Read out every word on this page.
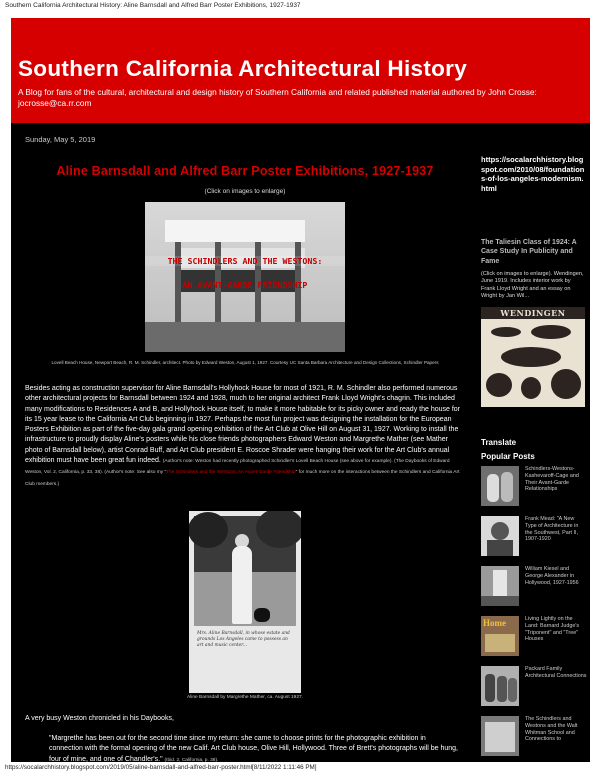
Southern California Architectural History: Aline Barnsdall and Alfred Barr Poster Exhibitions, 1927-1937
Southern California Architectural History
A Blog for fans of the cultural, architectural and design history of Southern California and related published material authored by John Crosse: jocrosse@ca.rr.com
Sunday, May 5, 2019
Aline Barnsdall and Alfred Barr Poster Exhibitions, 1927-1937
(Click on images to enlarge)
THE SCHINDLERS AND THE WESTONS:
AN AVANT-GARDE FRIENDSHIP
Lovell Beach House, Newport Beach, R. M. Schindler, architect. Photo by Edward Weston, August 1, 1927. Courtesy UC Santa Barbara Architecture and Design Collections, Schindler Papers
Besides acting as construction supervisor for Aline Barnsdall's Hollyhock House for most of 1921, R. M. Schindler also performed numerous other architectural projects for Barnsdall between 1924 and 1928, much to her original architect Frank Lloyd Wright's chagrin. This included many modifications to Residences A and B, and Hollyhock House itself, to make it more habitable for its picky owner and ready the house for its 15 year lease to the California Art Club beginning in 1927. Perhaps the most fun project was designing the installation for the European Posters Exhibition as part of the five-day gala grand opening exhibition of the Art Club at Olive Hill on August 31, 1927. Working to install the infrastructure to proudly display Aline's posters while his close friends photographers Edward Weston and Margrethe Mather (see Mather photo of Barnsdall below), artist Conrad Buff, and Art Club president E. Roscoe Shrader were hanging their work for the Art Club's annual exhibition must have been great fun indeed. (Author's note: Weston had recently photographed Schindler's Lovell Beach House (see above for example). (The Daybooks of Edward Weston, Vol. 2, California, p. 33, 38). (Author's note: See also my "The Schindlers and the Westons: An Avant-Garde Friendship" for much more on the interactions between the Schindlers and California Art Club members.)
Mrs. Aline Barnsdall, in whose estate and grounds Los Angeles came to possess an art and music center...
Aline Barnsdall by Margrethe Mather, ca. August 1927.
A very busy Weston chronicled in his Daybooks,
"Margrethe has been out for the second time since my return: she came to choose prints for the photographic exhibition in connection with the formal opening of the new Calif. Art Club house, Olive Hill, Hollywood. Three of Brett's photographs will be hung, four of mine, and one of Chandler's." (Ibid. 2, California, p. 38).
https://socalarchhistory.blogspot.com/2010/08/foundations-of-los-angeles-modernism.html
The Taliesin Class of 1924: A Case Study In Publicity and Fame
(Click on images to enlarge). Wendingen, June 1919. Includes interior work by Frank Lloyd Wright and an essay on Wright by Jan Wil...
WENDINGEN
Translate
Popular Posts
Schindlers-Westons-Kashevaroff-Cage and Their Avant-Garde Relationships
Frank Mead: "A New Type of Architecture in the Southwest, Part II, 1907-1920
William Kiesel and George Alexander in Hollywood, 1927-1956
Home	Living Lightly on the Land: Barnard Judge's "Triponent" and "Tree" Houses
Packard Family Architectural Connections
The Schindlers and Westons and the Walt Whitman School and Connections to
https://socalarchhistory.blogspot.com/2019/05/aline-barnsdall-and-alfred-barr-poster.html[8/11/2022 1:11:46 PM]
